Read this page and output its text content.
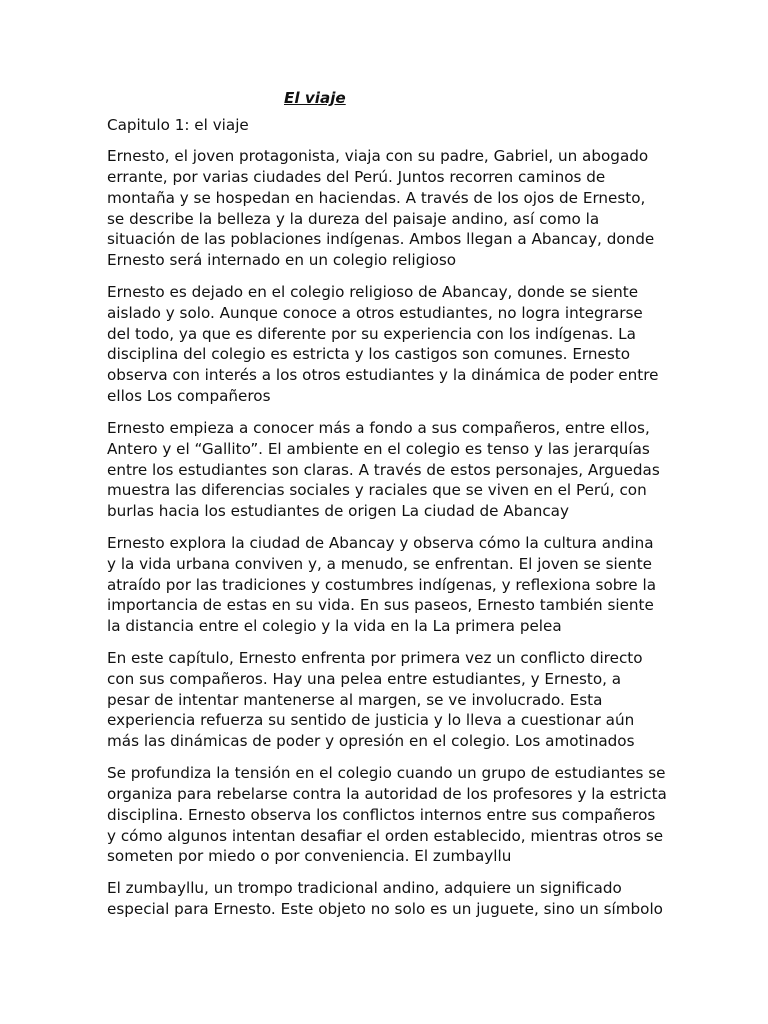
El viaje

Capitulo 1: el viaje

Ernesto, el joven protagonista, viaja con su padre, Gabriel, un abogado errante, por varias ciudades del Perú. Juntos recorren caminos de montaña y se hospedan en haciendas. A través de los ojos de Ernesto, se describe la belleza y la dureza del paisaje andino, así como la situación de las poblaciones indígenas. Ambos llegan a Abancay, donde Ernesto será internado en un colegio religioso

Ernesto es dejado en el colegio religioso de Abancay, donde se siente aislado y solo. Aunque conoce a otros estudiantes, no logra integrarse del todo, ya que es diferente por su experiencia con los indígenas. La disciplina del colegio es estricta y los castigos son comunes. Ernesto observa con interés a los otros estudiantes y la dinámica de poder entre ellos Los compañeros

Ernesto empieza a conocer más a fondo a sus compañeros, entre ellos, Antero y el “Gallito”. El ambiente en el colegio es tenso y las jerarquías entre los estudiantes son claras. A través de estos personajes, Arguedas muestra las diferencias sociales y raciales que se viven en el Perú, con burlas hacia los estudiantes de origen La ciudad de Abancay

Ernesto explora la ciudad de Abancay y observa cómo la cultura andina y la vida urbana conviven y, a menudo, se enfrentan. El joven se siente atraído por las tradiciones y costumbres indígenas, y reflexiona sobre la importancia de estas en su vida. En sus paseos, Ernesto también siente la distancia entre el colegio y la vida en la La primera pelea

En este capítulo, Ernesto enfrenta por primera vez un conflicto directo con sus compañeros. Hay una pelea entre estudiantes, y Ernesto, a pesar de intentar mantenerse al margen, se ve involucrado. Esta experiencia refuerza su sentido de justicia y lo lleva a cuestionar aún más las dinámicas de poder y opresión en el colegio. Los amotinados

Se profundiza la tensión en el colegio cuando un grupo de estudiantes se organiza para rebelarse contra la autoridad de los profesores y la estricta disciplina. Ernesto observa los conflictos internos entre sus compañeros y cómo algunos intentan desafiar el orden establecido, mientras otros se someten por miedo o por conveniencia. El zumbayllu

El zumbayllu, un trompo tradicional andino, adquiere un significado especial para Ernesto. Este objeto no solo es un juguete, sino un símbolo
